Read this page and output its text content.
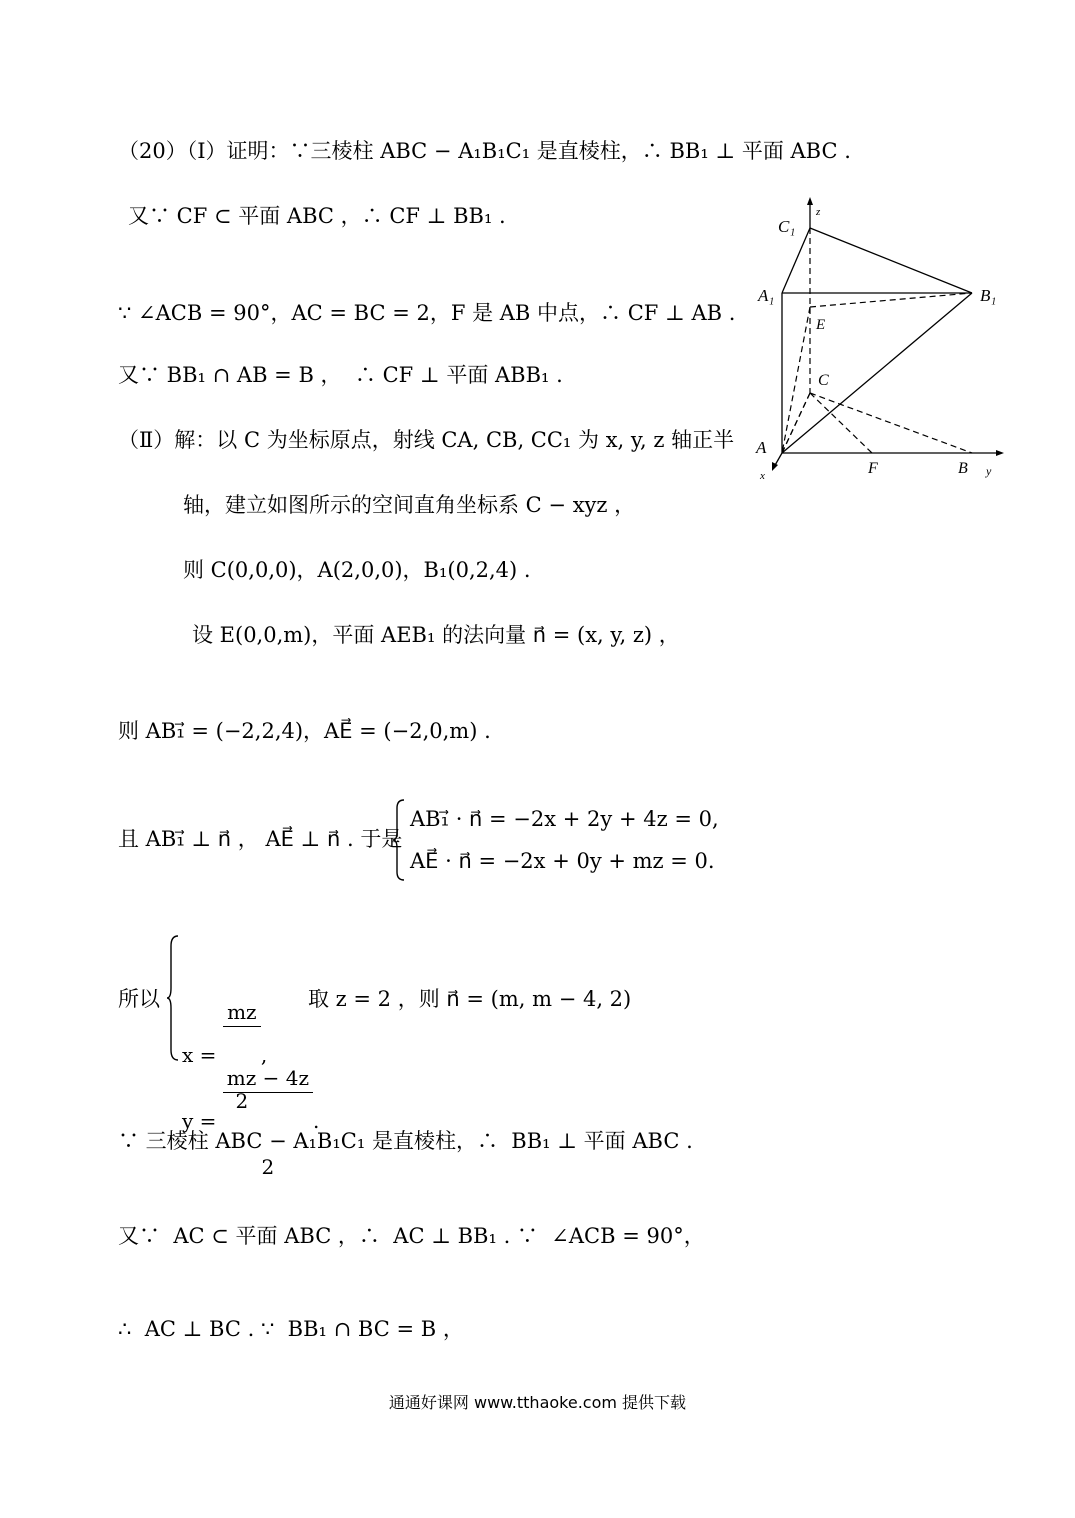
（20）（Ⅰ）证明：∵三棱柱 ABC − A₁B₁C₁ 是直棱柱，∴ BB₁ ⊥ 平面 ABC .
又∵ CF ⊂ 平面 ABC ，∴ CF ⊥ BB₁ .
∵ ∠ACB = 90°，AC = BC = 2，F 是 AB 中点，∴ CF ⊥ AB .
又∵ BB₁ ∩ AB = B ，  ∴ CF ⊥ 平面 ABB₁ .
（Ⅱ）解：以 C 为坐标原点，射线 CA, CB, CC₁ 为 x, y, z 轴正半
轴，建立如图所示的空间直角坐标系 C − xyz ，
则 C(0,0,0)，A(2,0,0)，B₁(0,2,4) .
设 E(0,0,m)，平面 AEB₁ 的法向量 n⃗ = (x, y, z) ，
则 AB₁⃗ = (−2,2,4)，AE⃗ = (−2,0,m) .
且 AB₁⃗ ⊥ n⃗ ， AE⃗ ⊥ n⃗ . 于是
AB₁⃗ · n⃗ = −2x + 2y + 4z = 0,
AE⃗ · n⃗ = −2x + 0y + mz = 0.
所以
x =
$\frac{mz}{2}$ ,
y =
$\frac{mz - 4z}{2}$ .
取 z = 2 ，则 n⃗ = (m, m − 4, 2)
∵ 三棱柱 ABC − A₁B₁C₁ 是直棱柱，∴  BB₁ ⊥ 平面 ABC .
又∵  AC ⊂ 平面 ABC ，∴  AC ⊥ BB₁ . ∵  ∠ACB = 90°，
∴  AC ⊥ BC . ∵  BB₁ ∩ BC = B ，
C₁
z
A₁	B₁
E
C
A
x	F	B y
通通好课网 www.tthaoke.com 提供下载
